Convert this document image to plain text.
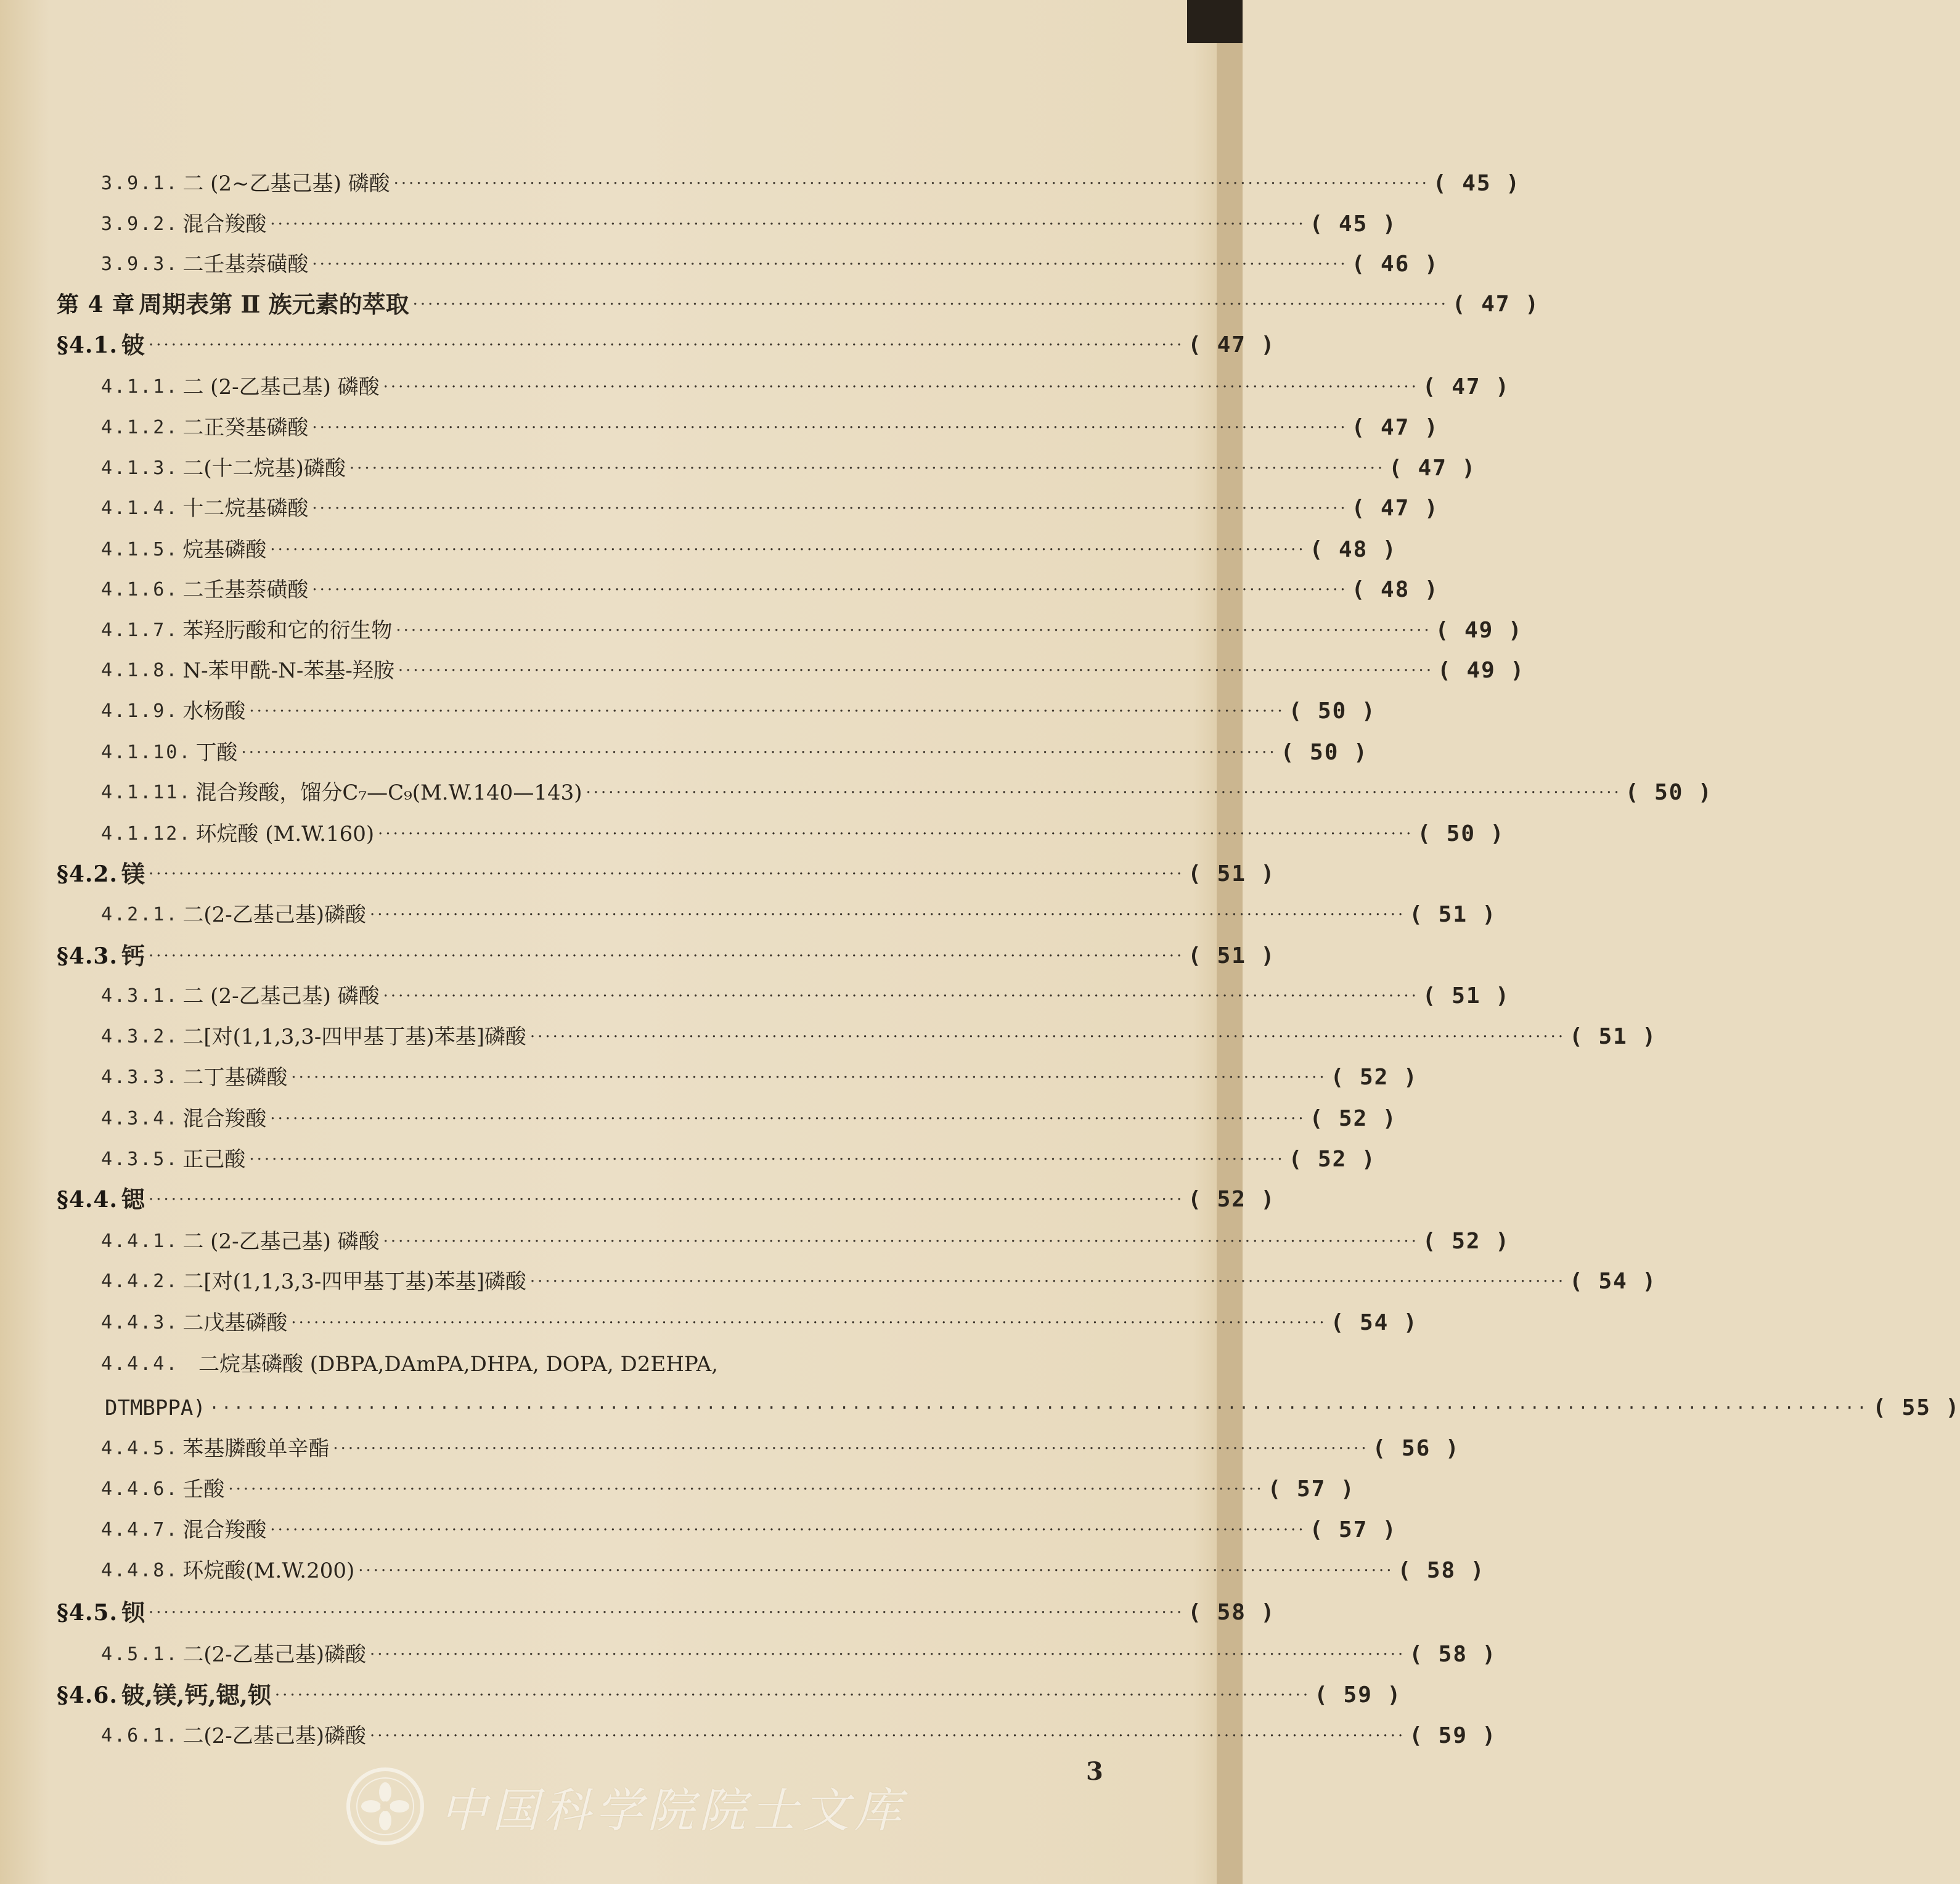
3.9.1. 二 (2~乙基己基) 磷酸 ········································································································································· ( 45 )
3.9.2. 混合羧酸 ········································································································································· ( 45 )
3.9.3. 二壬基萘磺酸 ········································································································································· ( 46 )
第 4 章 周期表第 Ⅱ 族元素的萃取 ········································································································································· ( 47 )
§4.1. 铍 ········································································································································· ( 47 )
4.1.1. 二 (2-乙基己基) 磷酸 ········································································································································· ( 47 )
4.1.2. 二正癸基磷酸 ········································································································································· ( 47 )
4.1.3. 二(十二烷基)磷酸 ········································································································································· ( 47 )
4.1.4. 十二烷基磷酸 ········································································································································· ( 47 )
4.1.5. 烷基磷酸 ········································································································································· ( 48 )
4.1.6. 二壬基萘磺酸 ········································································································································· ( 48 )
4.1.7. 苯羟肟酸和它的衍生物 ········································································································································· ( 49 )
4.1.8. N-苯甲酰-N-苯基-羟胺 ········································································································································· ( 49 )
4.1.9. 水杨酸 ········································································································································· ( 50 )
4.1.10. 丁酸 ········································································································································· ( 50 )
4.1.11. 混合羧酸，馏分C₇—C₉(M.W.140—143) ········································································································································· ( 50 )
4.1.12. 环烷酸 (M.W.160) ········································································································································· ( 50 )
§4.2. 镁 ········································································································································· ( 51 )
4.2.1. 二(2-乙基己基)磷酸 ········································································································································· ( 51 )
§4.3. 钙 ········································································································································· ( 51 )
4.3.1. 二 (2-乙基己基) 磷酸 ········································································································································· ( 51 )
4.3.2. 二[对(1,1,3,3-四甲基丁基)苯基]磷酸 ········································································································································· ( 51 )
4.3.3. 二丁基磷酸 ········································································································································· ( 52 )
4.3.4. 混合羧酸 ········································································································································· ( 52 )
4.3.5. 正己酸 ········································································································································· ( 52 )
§4.4. 锶 ········································································································································· ( 52 )
4.4.1. 二 (2-乙基己基) 磷酸 ········································································································································· ( 52 )
4.4.2. 二[对(1,1,3,3-四甲基丁基)苯基]磷酸 ········································································································································· ( 54 )
4.4.3. 二戊基磷酸 ········································································································································· ( 54 )
4.4.4. 二烷基磷酸 (DBPA,DAmPA,DHPA, DOPA, D2EHPA,
DTMBPPA) ········································································································································· ( 55 )
4.4.5. 苯基膦酸单辛酯 ········································································································································· ( 56 )
4.4.6. 壬酸 ········································································································································· ( 57 )
4.4.7. 混合羧酸 ········································································································································· ( 57 )
4.4.8. 环烷酸(M.W.200) ········································································································································· ( 58 )
§4.5. 钡 ········································································································································· ( 58 )
4.5.1. 二(2-乙基己基)磷酸 ········································································································································· ( 58 )
§4.6. 铍,镁,钙,锶,钡 ········································································································································· ( 59 )
4.6.1. 二(2-乙基己基)磷酸 ········································································································································· ( 59 )
3
中国科学院院士文库
